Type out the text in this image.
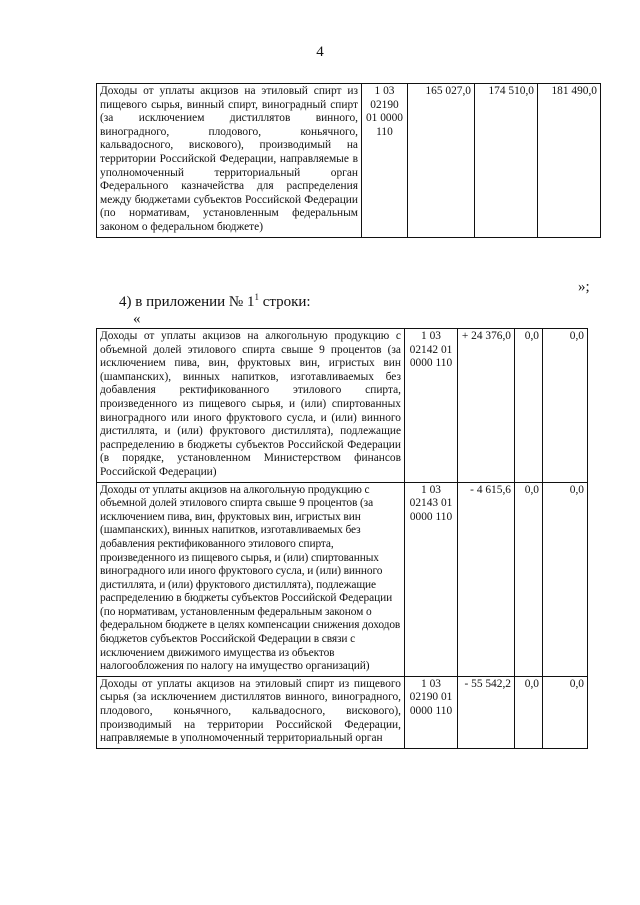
4
Доходы от уплаты акцизов на этиловый спирт из пищевого сырья, винный спирт, виноградный спирт (за исключением дистиллятов винного, виноградного, плодового, коньячного, кальвадосного, вискового), производимый на территории Российской Федерации, направляемые в уполномоченный территориальный орган Федерального казначейства для распределения между бюджетами субъектов Российской Федерации (по нормативам, установленным федеральным законом о федеральном бюджете)	1 03 02190 01 0000 110	165 027,0	174 510,0	181 490,0
»;
4) в приложении № $1^1$ строки:
«
Доходы от уплаты акцизов на алкогольную продукцию с объемной долей этилового спирта свыше 9 процентов (за исключением пива, вин, фруктовых вин, игристых вин (шампанских), винных напитков, изготавливаемых без добавления ректификованного этилового спирта, произведенного из пищевого сырья, и (или) спиртованных виноградного или иного фруктового сусла, и (или) винного дистиллята, и (или) фруктового дистиллята), подлежащие распределению в бюджеты субъектов Российской Федерации (в порядке, установленном Министерством финансов Российской Федерации)	1 03 02142 01 0000 110	+ 24 376,0	0,0	0,0
Доходы от уплаты акцизов на алкогольную продукцию с объемной долей этилового спирта свыше 9 процентов (за исключением пива, вин, фруктовых вин, игристых вин (шампанских), винных напитков, изготавливаемых без добавления ректификованного этилового спирта, произведенного из пищевого сырья, и (или) спиртованных виноградного или иного фруктового сусла, и (или) винного дистиллята, и (или) фруктового дистиллята), подлежащие распределению в бюджеты субъектов Российской Федерации (по нормативам, установленным федеральным законом о федеральном бюджете в целях компенсации снижения доходов бюджетов субъектов Российской Федерации в связи с исключением движимого имущества из объектов налогообложения по налогу на имущество организаций)	1 03 02143 01 0000 110	- 4 615,6	0,0	0,0
Доходы от уплаты акцизов на этиловый спирт из пищевого сырья (за исключением дистиллятов винного, виноградного, плодового, коньячного, кальвадосного, вискового), производимый на территории Российской Федерации, направляемые в уполномоченный территориальный орган	1 03 02190 01 0000 110	- 55 542,2	0,0	0,0
